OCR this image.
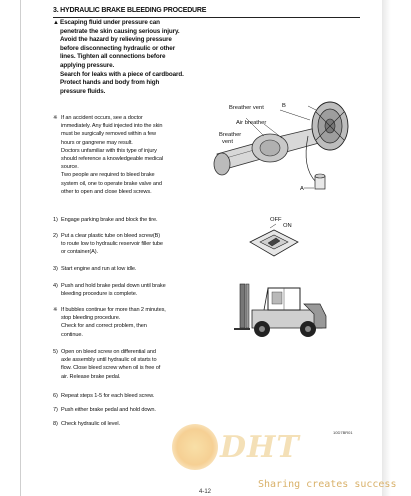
3. HYDRAULIC BRAKE BLEEDING PROCEDURE
▲ Escaping fluid under pressure can

penetrate the skin causing serious injury.

Avoid the hazard by relieving pressure

before disconnecting hydraulic or other

lines. Tighten all connections before

applying pressure.

Search for leaks with a piece of cardboard.

Protect hands and body from high

pressure fluids.

※ If an accident occurs, see a doctor
immediately. Any fluid injected into the skin
must be surgically removed within a few
hours or gangrene may result.
Doctors unfamiliar with this type of injury
should reference a knowledgeable medical
source.
Two people are required to bleed brake
system oil, one to operate brake valve and
other to open and close bleed screws.
1) Engage parking brake and block the tire.
2) Put a clear plastic tube on bleed screw(B)
to route low to hydraulic reservoir filler tube
or container(A).
3) Start engine and run at low idle.
4) Push and hold brake pedal down until brake
bleeding procedure is complete.
※ If bubbles continue for more than 2 minutes,
stop bleeding procedure.
Check for and correct problem, then
continue.
5) Open on bleed screw on differential and
axle assembly until hydraulic oil starts to
flow. Close bleed screw when oil is free of
air. Release brake pedal.
6) Repeat steps 1-5 for each bleed screw.
7) Push either brake pedal and hold down.
8) Check hydraulic oil level.
Breather vent	B
Air breather
Breather
vent
A
OFF
ON
10D7BR01
DHT
Sharing creates success
4-12
